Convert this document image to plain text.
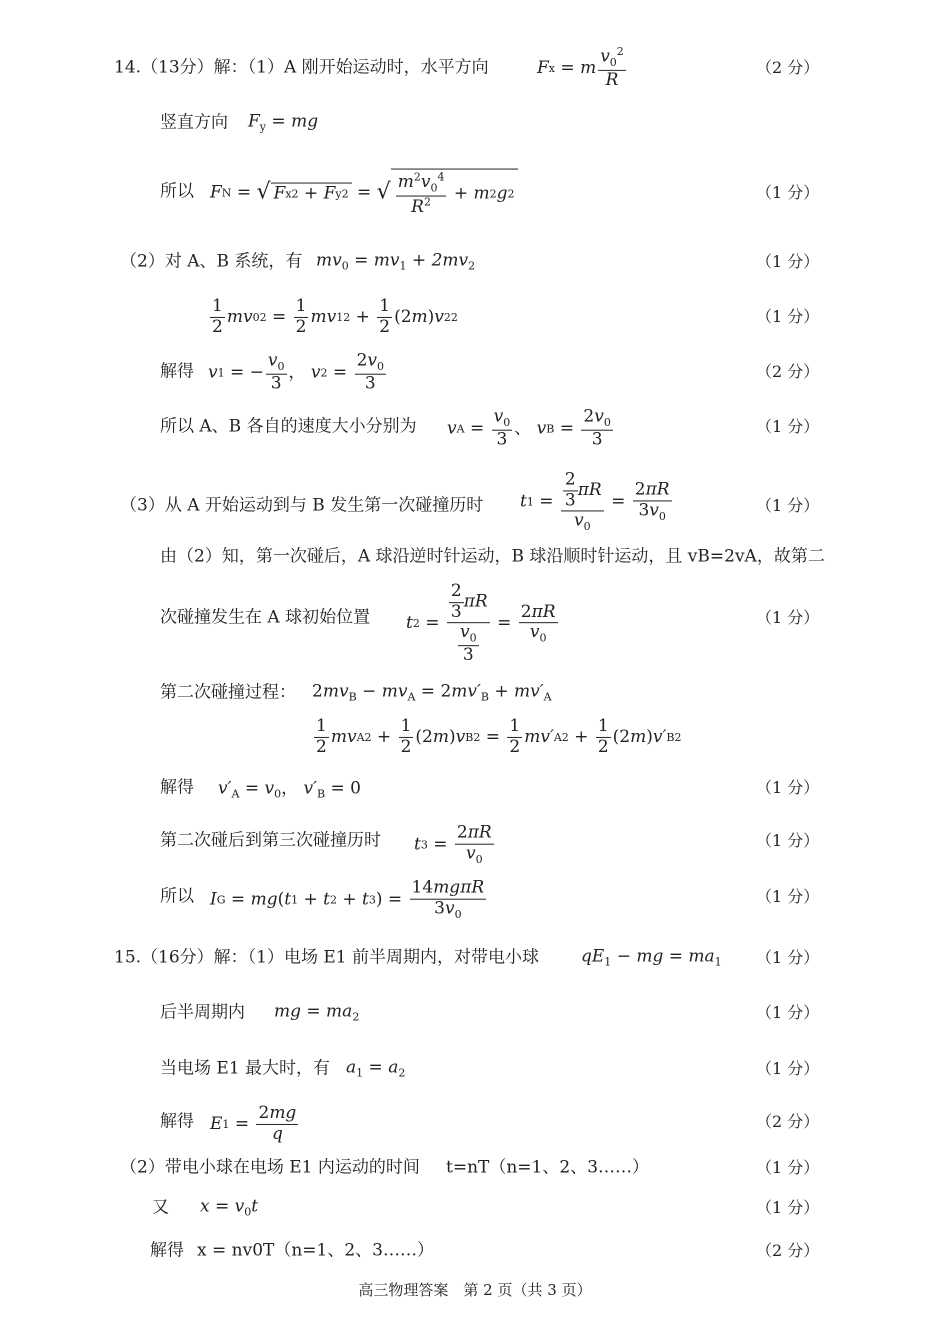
14.（13分）解：（1）A 刚开始运动时，水平方向	F x = m $\frac{v_0^2}{R}$	（2 分）
竖直方向 $F_y$ = mg
所以 F N = √ F x 2 + F y 2 = √ $\frac{m^2v_0^4}{R^2} + m$ 2 g 2	（1 分）
（2）对 A、B 系统，有 $mv_0 = mv_1 + 2mv_2$	（1 分）
$\frac{1}{2}$ mv 0 $2 = \frac{1}{2}$ mv 1 $2 + \frac{1}{2} (2$ m ) v 2 2	（1 分）
解得 v 1 = − $\frac{v_0}{3}$ ， v $2 = \frac{2v_0}{3}$	（2 分）
所以 A、B 各自的速度大小分别为 v $A = \frac{v_0}{3}$ 、 v $B = \frac{2v_0}{3}$	（1 分）
（3）从 A 开始运动到与 B 发生第一次碰撞历时 t $1 = \frac{\frac{2}{3} \pi R}{v_0} = \frac{2\pi R}{3v_0}$	（1 分）
由（2）知，第一次碰后，A 球沿逆时针运动，B 球沿顺时针运动，且 vB=2vA，故第二
次碰撞发生在 A 球初始位置 t $2 = \frac{\frac{2}{3} \pi R}{\frac{v_0}{3}} = \frac{2\pi R}{v_0}$	（1 分）
第二次碰撞过程： $2mv_B - mv_A = 2mv'_B + mv'_A$
$\frac{1}{2}$ mv A $2 + \frac{1}{2} (2$ m ) v B $2 = \frac{1}{2} mv'$ A $2 + \frac{1}{2} (2$ m ) v′ B 2
解得 $v'_A = v_0$， $v'_B = 0$	（1 分）
第二次碰后到第三次碰撞历时 t $3 = \frac{2\pi R}{v_0}$	（1 分）
所以 I G = mg ( t 1 + t 2 + t 3 ) = $\frac{\text{14mgπR}}{3v_0}$	（1 分）
15.（16分）解：（1）电场 E1 前半周期内，对带电小球 $qE_1$ − mg = $ma_1$ （1 分）
后半周期内 mg = $ma_2$	（1 分）
当电场 E1 最大时，有 $a_1 = a_2$	（1 分）
解得 E $1 = \frac{2mg}{q}$	（2 分）
（2）带电小球在电场 E1 内运动的时间 t=nT（n=1、2、3……）	（1 分）
又 $x = v_0t$	（1 分）
解得 x = nv0T（n=1、2、3……）	（2 分）
高三物理答案　第 2 页（共 3 页）
